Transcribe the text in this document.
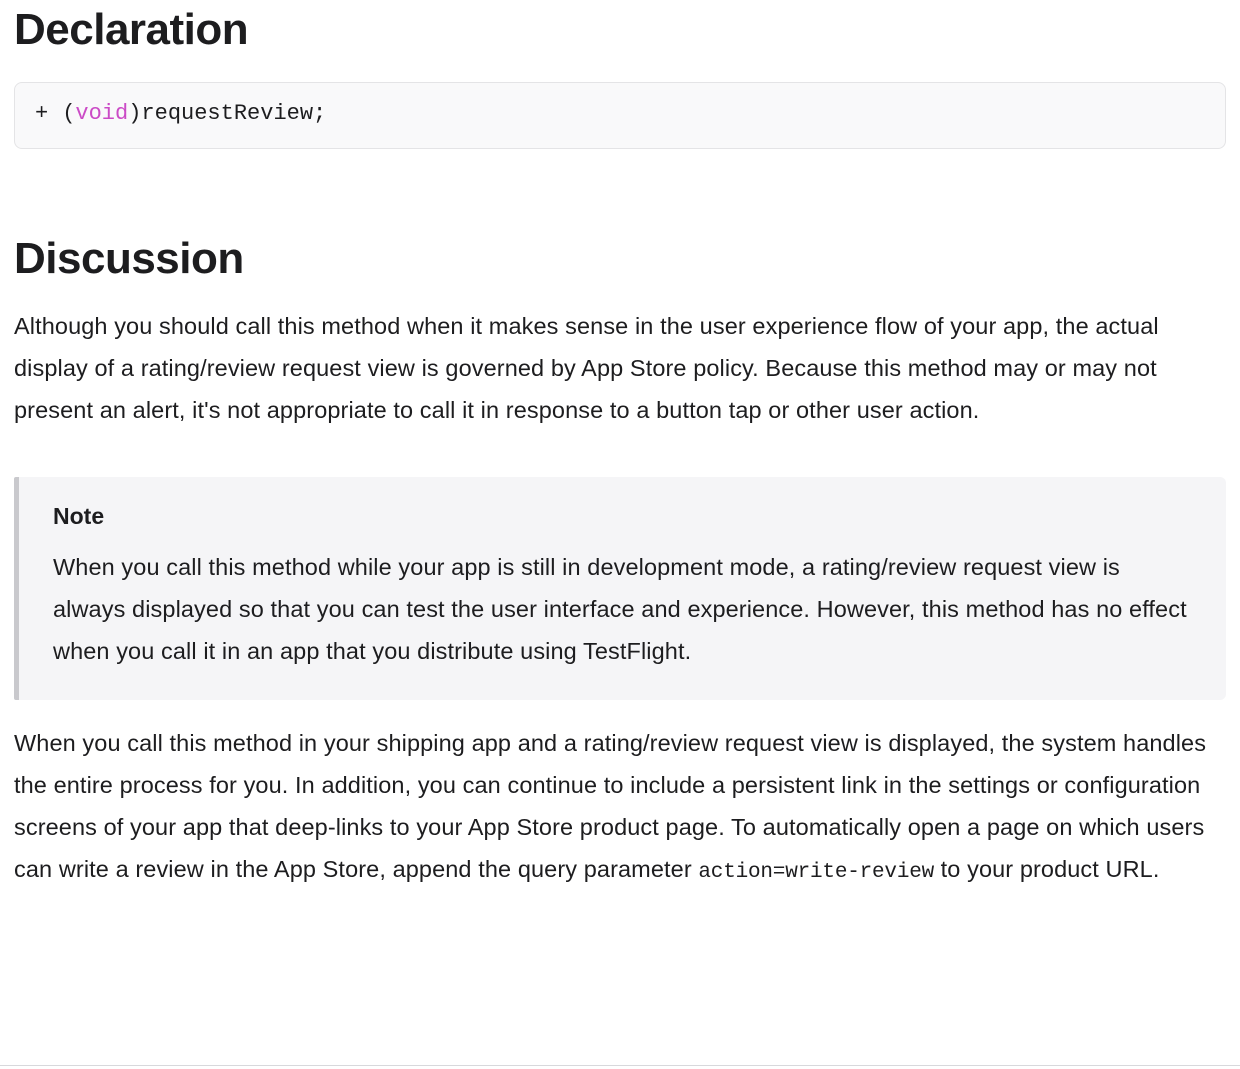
Declaration
+ (void)requestReview;
Discussion

Although you should call this method when it makes sense in the user experience flow of your app, the actual display of a rating/review request view is governed by App Store policy. Because this method may or may not present an alert, it's not appropriate to call it in response to a button tap or other user action.

Note

When you call this method while your app is still in development mode, a rating/review request view is always displayed so that you can test the user interface and experience. However, this method has no effect when you call it in an app that you distribute using TestFlight.

When you call this method in your shipping app and a rating/review request view is displayed, the system handles the entire process for you. In addition, you can continue to include a persistent link in the settings or configuration screens of your app that deep-links to your App Store product page. To automatically open a page on which users can write a review in the App Store, append the query parameter action=write-review to your product URL.
